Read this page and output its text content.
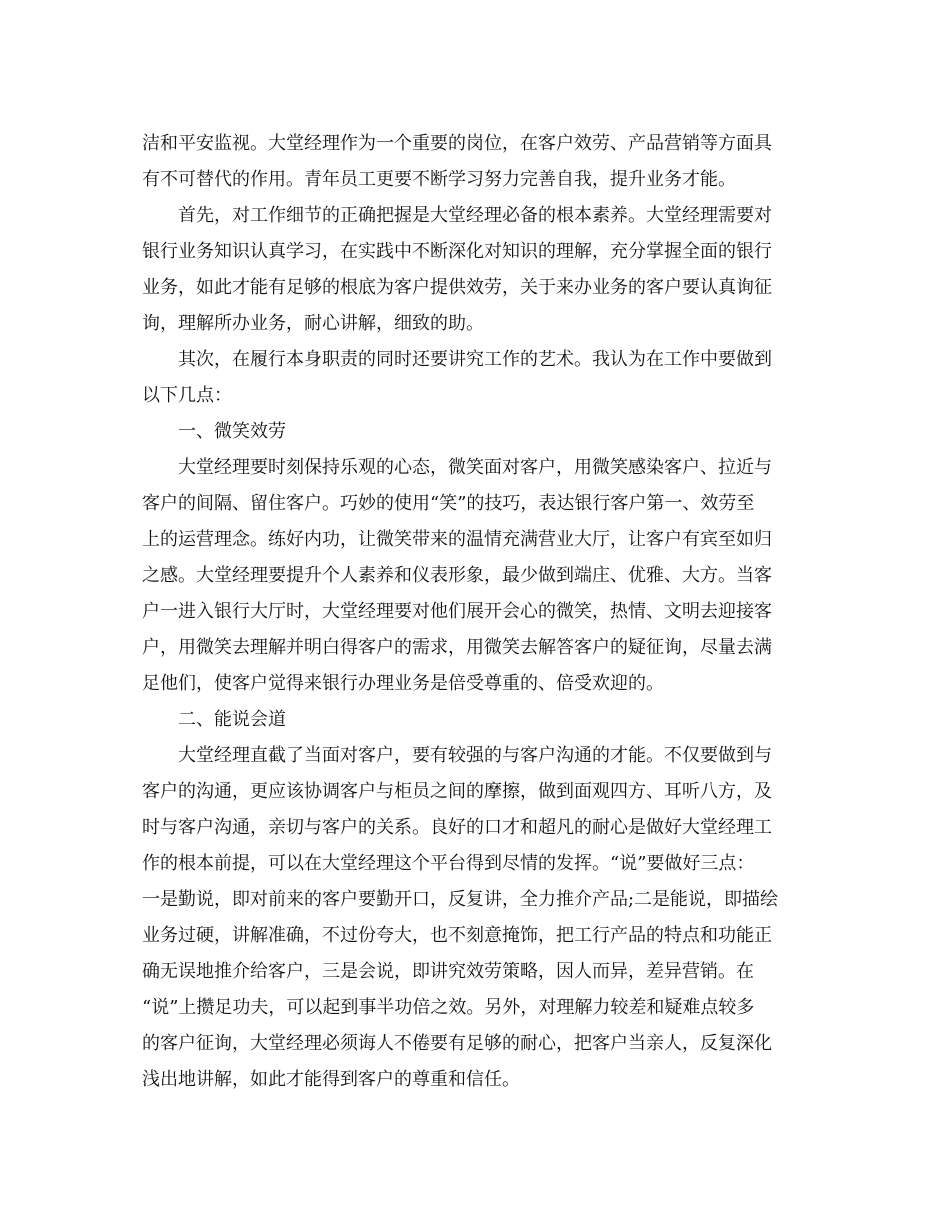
洁和平安监视。大堂经理作为一个重要的岗位，在客户效劳、产品营销等方面具
有不可替代的作用。青年员工更要不断学习努力完善自我，提升业务才能。
首先，对工作细节的正确把握是大堂经理必备的根本素养。大堂经理需要对
银行业务知识认真学习，在实践中不断深化对知识的理解，充分掌握全面的银行
业务，如此才能有足够的根底为客户提供效劳，关于来办业务的客户要认真询征
询，理解所办业务，耐心讲解，细致的助。
其次，在履行本身职责的同时还要讲究工作的艺术。我认为在工作中要做到
以下几点：
一、微笑效劳
大堂经理要时刻保持乐观的心态，微笑面对客户，用微笑感染客户、拉近与
客户的间隔、留住客户。巧妙的使用“笑”的技巧，表达银行客户第一、效劳至
上的运营理念。练好内功，让微笑带来的温情充满营业大厅，让客户有宾至如归
之感。大堂经理要提升个人素养和仪表形象，最少做到端庄、优雅、大方。当客
户一进入银行大厅时，大堂经理要对他们展开会心的微笑，热情、文明去迎接客
户，用微笑去理解并明白得客户的需求，用微笑去解答客户的疑征询，尽量去满
足他们，使客户觉得来银行办理业务是倍受尊重的、倍受欢迎的。
二、能说会道
大堂经理直截了当面对客户，要有较强的与客户沟通的才能。不仅要做到与
客户的沟通，更应该协调客户与柜员之间的摩擦，做到面观四方、耳听八方，及
时与客户沟通，亲切与客户的关系。良好的口才和超凡的耐心是做好大堂经理工
作的根本前提，可以在大堂经理这个平台得到尽情的发挥。“说”要做好三点：
一是勤说，即对前来的客户要勤开口，反复讲，全力推介产品;二是能说，即描绘
业务过硬，讲解准确，不过份夸大，也不刻意掩饰，把工行产品的特点和功能正
确无误地推介给客户，三是会说，即讲究效劳策略，因人而异，差异营销。在
“说”上攒足功夫，可以起到事半功倍之效。另外，对理解力较差和疑难点较多
的客户征询，大堂经理必须诲人不倦要有足够的耐心，把客户当亲人，反复深化
浅出地讲解，如此才能得到客户的尊重和信任。
